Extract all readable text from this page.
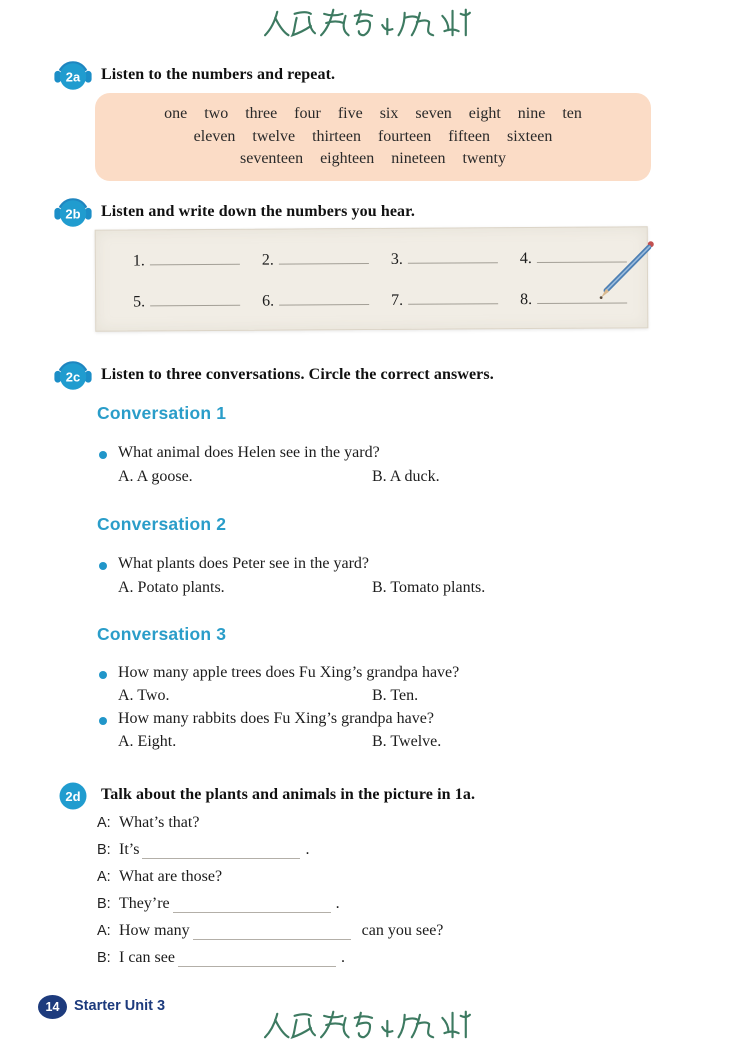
2a Listen to the numbers and repeat.
one two three four five six seven eight nine ten
eleven twelve thirteen fourteen fifteen sixteen
seventeen eighteen nineteen twenty
2b Listen and write down the numbers you hear.
1.	2.	3.	4.
5.	6.	7.	8.
2c Listen to three conversations. Circle the correct answers.
Conversation 1
What animal does Helen see in the yard?
A. A goose.	B. A duck.
Conversation 2
What plants does Peter see in the yard?
A. Potato plants.	B. Tomato plants.
Conversation 3
How many apple trees does Fu Xing’s grandpa have?
A. Two.	B. Ten.
How many rabbits does Fu Xing’s grandpa have?
A. Eight.	B. Twelve.
2d Talk about the plants and animals in the picture in 1a.
A: What’s that?
B: It’s	.
A: What are those?
B: They’re	.
A: How many	can you see?
B: I can see	.
14	Starter Unit 3
